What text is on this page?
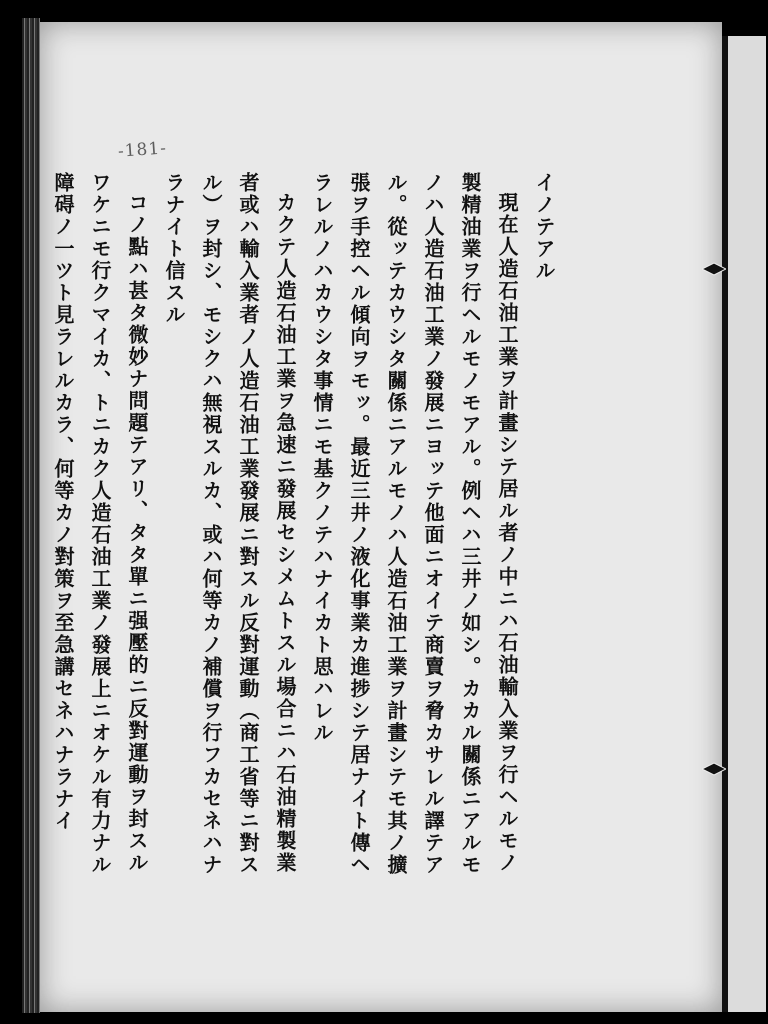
-181-
イノテアル
現在人造石油工業ヲ計畫シテ居ル者ノ中ニハ石油輸入業ヲ行ヘルモノ
製精油業ヲ行ヘルモノモアル。例ヘハ三井ノ如シ。カカル關係ニアルモ
ノハ人造石油工業ノ發展ニヨッテ他面ニオイテ商賣ヲ脅カサレル譯テア
ル。從ッテカウシタ關係ニアルモノハ人造石油工業ヲ計畫シテモ其ノ擴
張ヲ手控ヘル傾向ヲモッ。最近三井ノ液化事業カ進捗シテ居ナイト傳ヘ
ラレルノハカウシタ事情ニモ基クノテハナイカト思ハレル
カクテ人造石油工業ヲ急速ニ發展セシメムトスル場合ニハ石油精製業
者或ハ輸入業者ノ人造石油工業發展ニ對スル反對運動（商工省等ニ對ス
ル）ヲ封シ、モシクハ無視スルカ、或ハ何等カノ補償ヲ行フカセネハナ
ラナイト信スル
コノ點ハ甚タ微妙ナ問題テアリ、タタ單ニ强壓的ニ反對運動ヲ封スル
ワケニモ行クマイカ、トニカク人造石油工業ノ發展上ニオケル有力ナル
障碍ノ一ツト見ラレルカラ、何等カノ對策ヲ至急講セネハナラナイ
